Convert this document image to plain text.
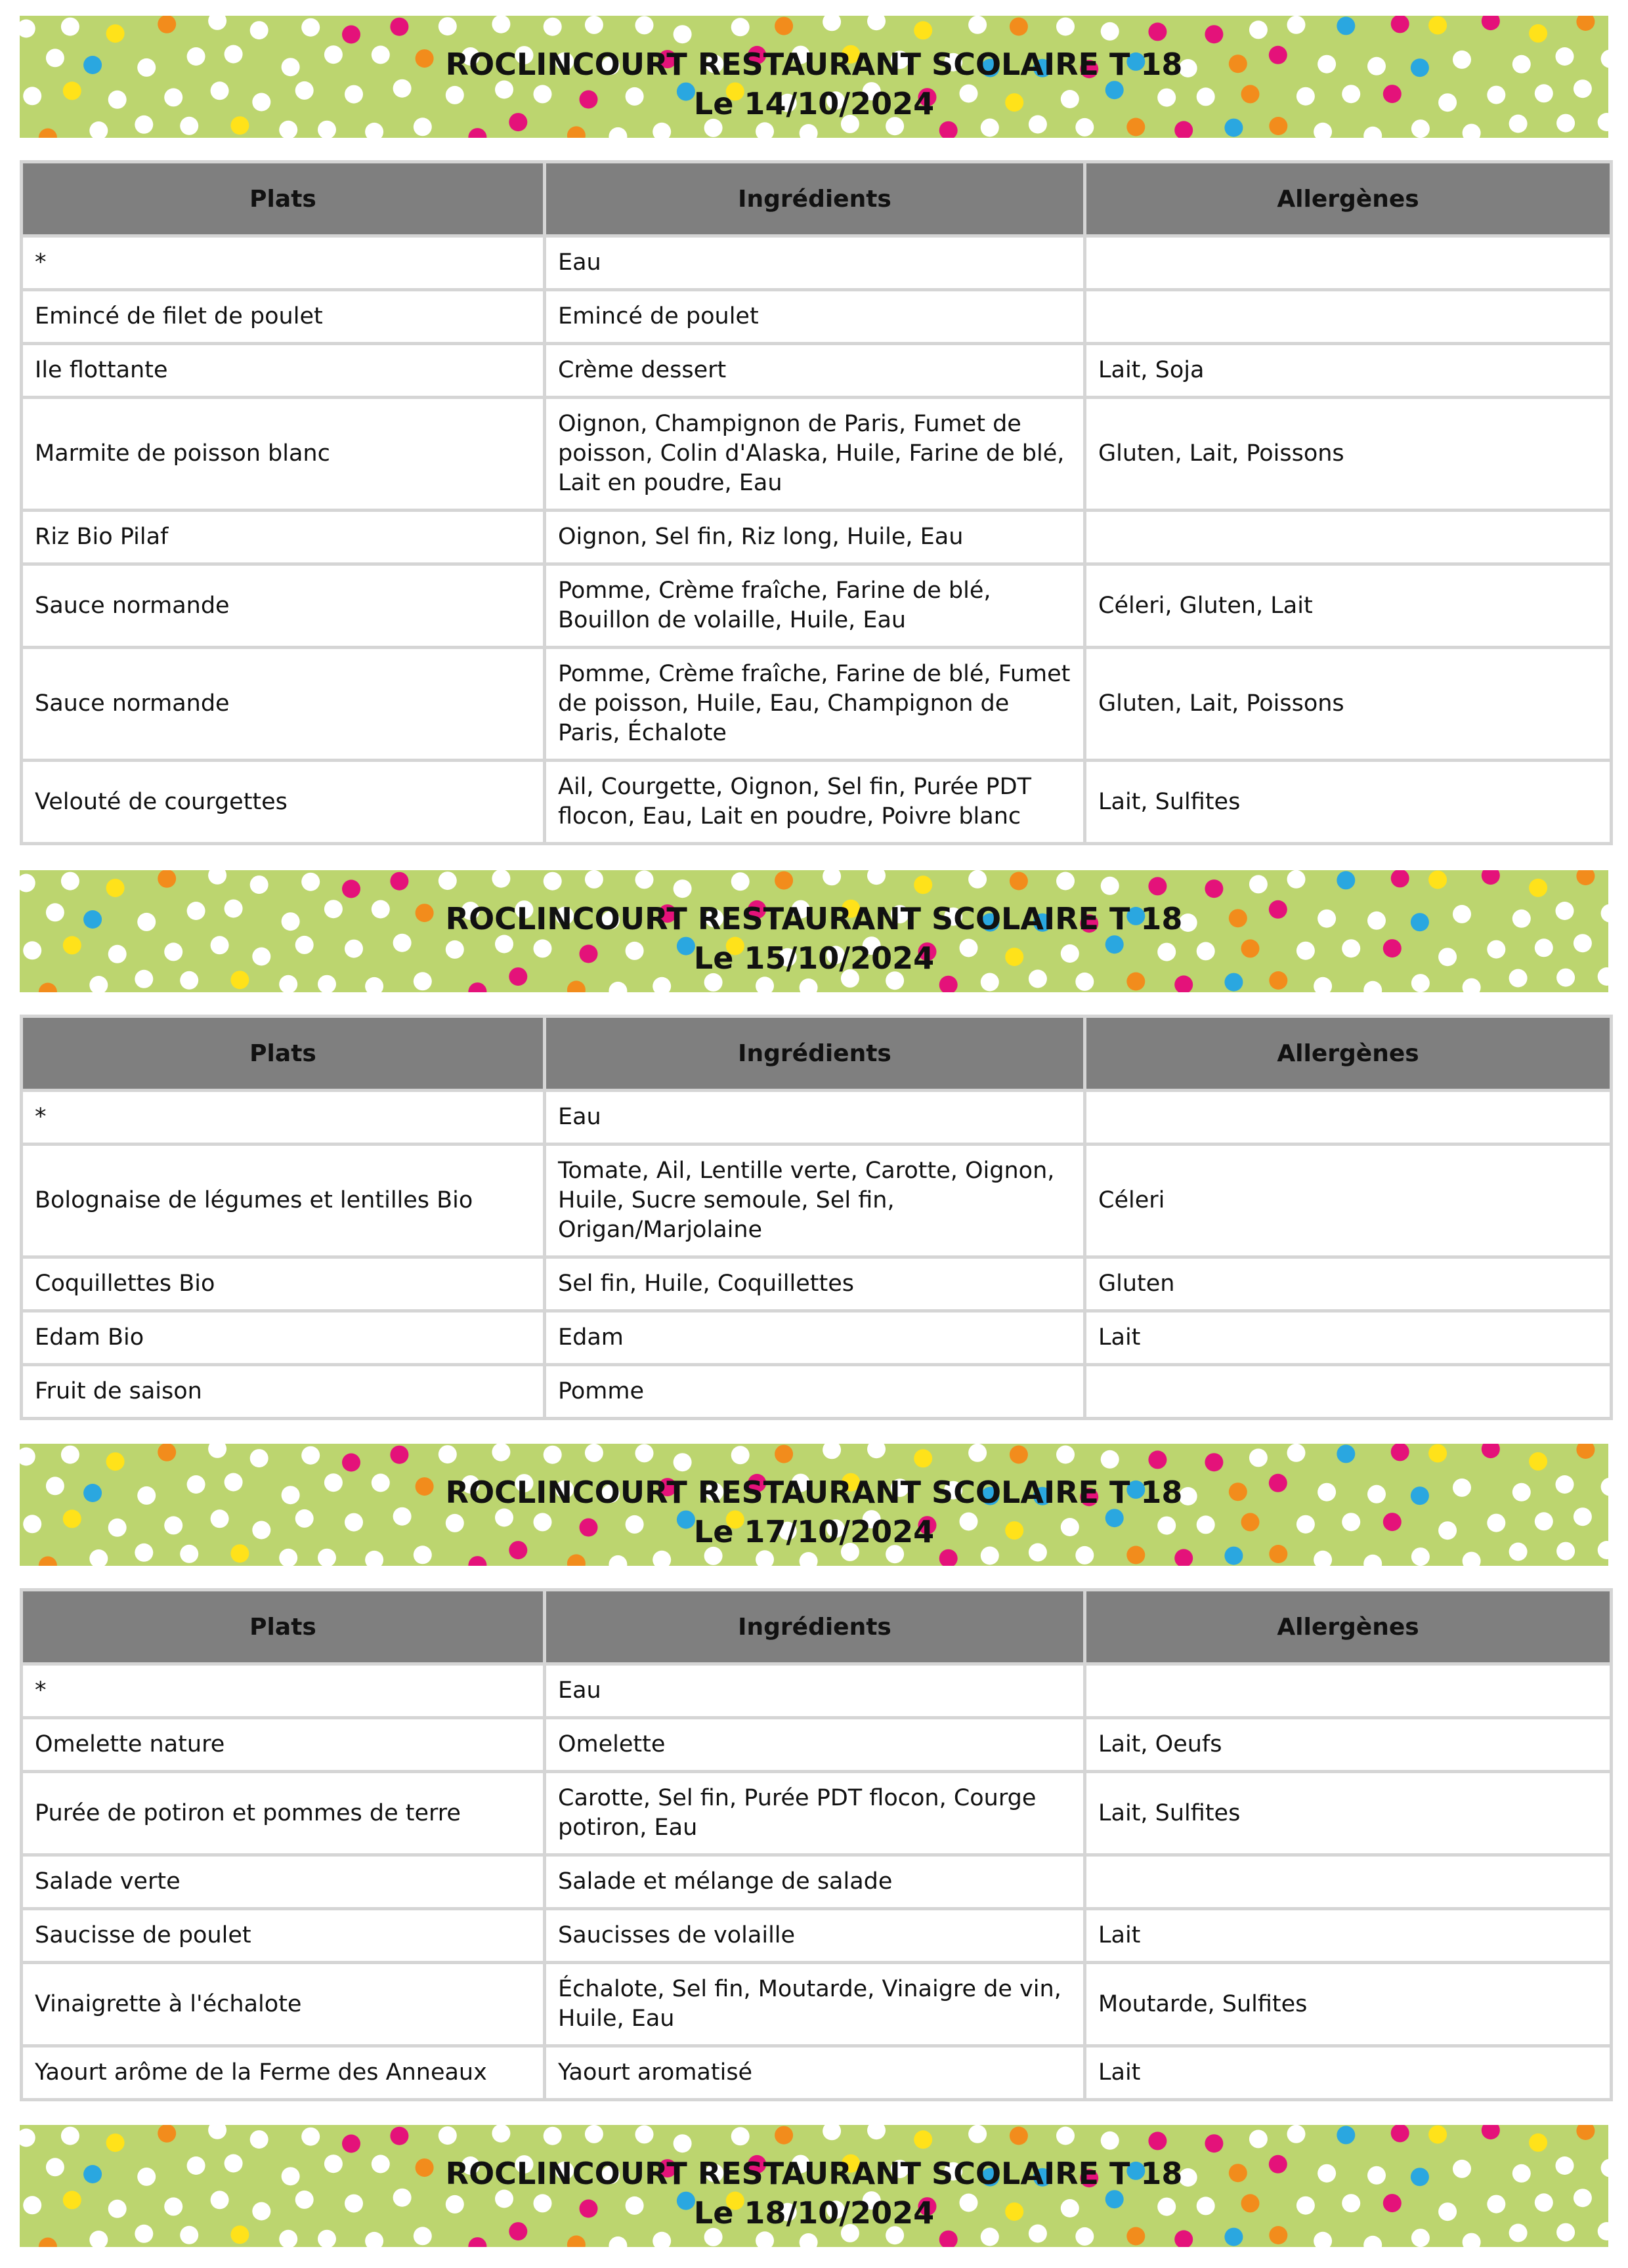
ROCLINCOURT RESTAURANT SCOLAIRE T 18
Le 14/10/2024
Plats	Ingrédients	Allergènes
*	Eau	
Emincé de filet de poulet	Emincé de poulet	
Ile flottante	Crème dessert	Lait, Soja
Marmite de poisson blanc	Oignon, Champignon de Paris, Fumet de poisson, Colin d'Alaska, Huile, Farine de blé, Lait en poudre, Eau	Gluten, Lait, Poissons
Riz Bio Pilaf	Oignon, Sel fin, Riz long, Huile, Eau	
Sauce normande	Pomme, Crème fraîche, Farine de blé, Bouillon de volaille, Huile, Eau	Céleri, Gluten, Lait
Sauce normande	Pomme, Crème fraîche, Farine de blé, Fumet de poisson, Huile, Eau, Champignon de Paris, Échalote	Gluten, Lait, Poissons
Velouté de courgettes	Ail, Courgette, Oignon, Sel fin, Purée PDT flocon, Eau, Lait en poudre, Poivre blanc	Lait, Sulfites
ROCLINCOURT RESTAURANT SCOLAIRE T 18
Le 15/10/2024
Plats	Ingrédients	Allergènes
*	Eau	
Bolognaise de légumes et lentilles Bio	Tomate, Ail, Lentille verte, Carotte, Oignon, Huile, Sucre semoule, Sel fin, Origan/Marjolaine	Céleri
Coquillettes Bio	Sel fin, Huile, Coquillettes	Gluten
Edam Bio	Edam	Lait
Fruit de saison	Pomme	
ROCLINCOURT RESTAURANT SCOLAIRE T 18
Le 17/10/2024
Plats	Ingrédients	Allergènes
*	Eau	
Omelette nature	Omelette	Lait, Oeufs
Purée de potiron et pommes de terre	Carotte, Sel fin, Purée PDT flocon, Courge potiron, Eau	Lait, Sulfites
Salade verte	Salade et mélange de salade	
Saucisse de poulet	Saucisses de volaille	Lait
Vinaigrette à l'échalote	Échalote, Sel fin, Moutarde, Vinaigre de vin, Huile, Eau	Moutarde, Sulfites
Yaourt arôme de la Ferme des Anneaux	Yaourt aromatisé	Lait
ROCLINCOURT RESTAURANT SCOLAIRE T 18
Le 18/10/2024
